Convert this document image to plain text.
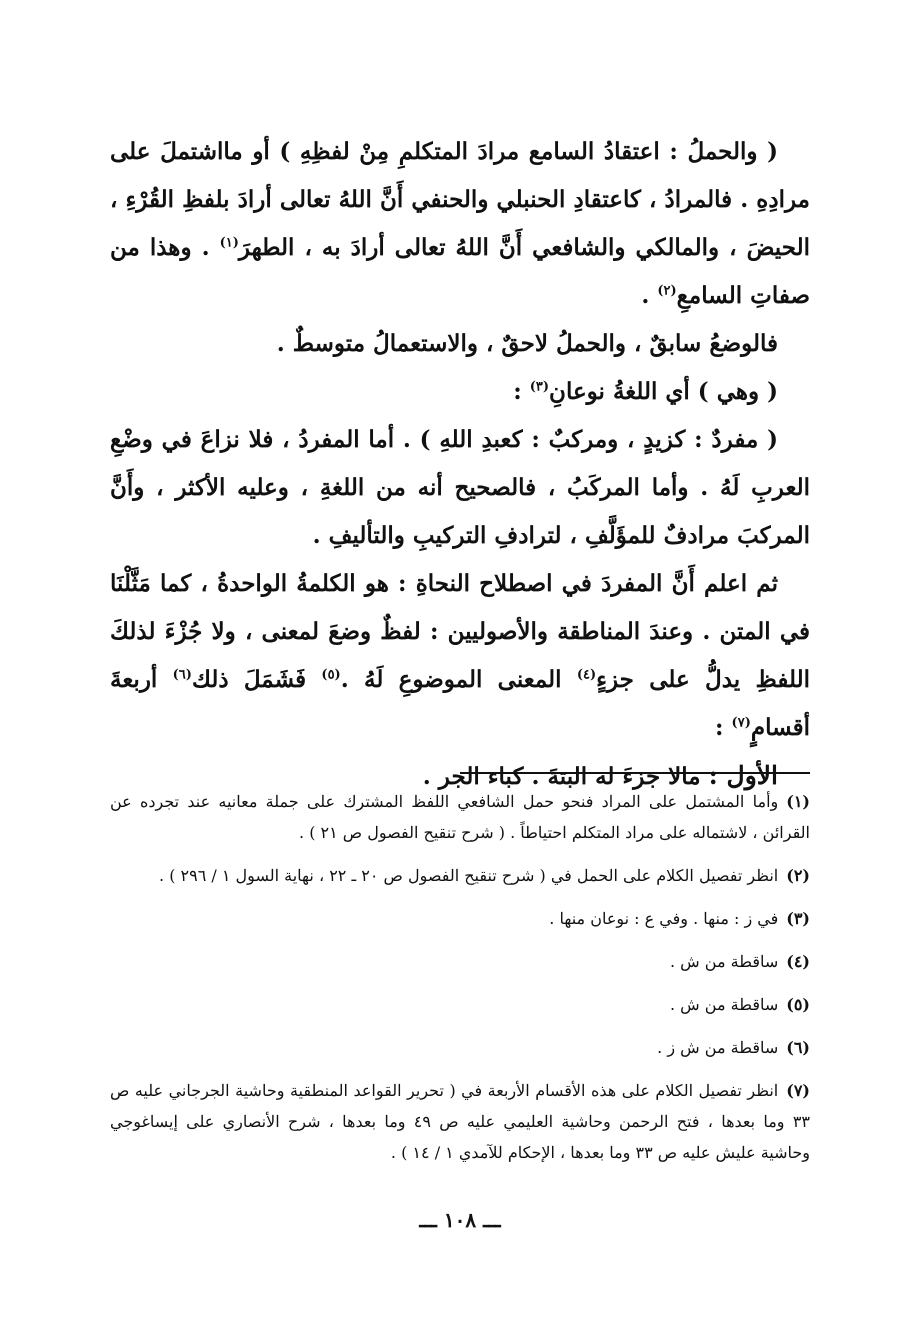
( والحملُ : اعتقادُ السامع مرادَ المتكلمِ مِنْ لفظِهِ ) أو مااشتملَ على مرادِهِ . فالمرادُ ، كاعتقادِ الحنبلي والحنفي أَنَّ اللهُ تعالى أرادَ بلفظِ القُرْءِ ، الحيضَ ، والمالكي والشافعي أَنَّ اللهُ تعالى أرادَ به ، الطهرَ$^{(١)}$ . وهذا من صفاتِ السامعِ$^{(٢)}$ .

فالوضعُ سابقٌ ، والحملُ لاحقٌ ، والاستعمالُ متوسطٌ .

( وهي ) أي اللغةُ نوعانِ$^{(٣)}$ :

( مفردٌ : كزيدٍ ، ومركبٌ : كعبدِ اللهِ ) . أما المفردُ ، فلا نزاعَ في وضْعِ العربِ لَهُ . وأما المركَبُ ، فالصحيح أنه من اللغةِ ، وعليه الأكثر ، وأَنَّ المركبَ مرادفٌ للمؤَلَّفِ ، لترادفِ التركيبِ والتأليفِ .

ثم اعلم أَنَّ المفردَ في اصطلاح النحاةِ : هو الكلمةُ الواحدةُ ، كما مَثَّلْنَا في المتن . وعندَ المناطقة والأصوليين : لفظٌ وضعَ لمعنى ، ولا جُزْءَ لذلكَ اللفظِ يدلُّ على جزءٍ$^{(٤)}$ المعنى الموضوعِ لَهُ .$^{(٥)}$ فَشَمَلَ ذلك$^{(٦)}$ أربعةَ أقسامٍ$^{(٧)}$ :

الأول : مالا جزءَ له البتةَ . كباء الجر .

(١)وأما المشتمل على المراد فنحو حمل الشافعي اللفظ المشترك على جملة معانيه عند تجرده عن القرائن ، لاشتماله على مراد المتكلم احتياطاً . ( شرح تنقيح الفصول ص ٢١ ) .

(٢)انظر تفصيل الكلام على الحمل في ( شرح تنقيح الفصول ص ٢٠ ـ ٢٢ ، نهاية السول ١ / ٢٩٦ ) .

(٣)في ز : منها . وفي ع : نوعان منها .

(٤)ساقطة من ش .

(٥)ساقطة من ش .

(٦)ساقطة من ش ز .

(٧)انظر تفصيل الكلام على هذه الأقسام الأربعة في ( تحرير القواعد المنطقية وحاشية الجرجاني عليه ص ٣٣ وما بعدها ، فتح الرحمن وحاشية العليمي عليه ص ٤٩ وما بعدها ، شرح الأنصاري على إيساغوجي وحاشية عليش عليه ص ٣٣ وما بعدها ، الإحكام للآمدي ١ / ١٤ ) .

ـــ ١٠٨ ـــ
